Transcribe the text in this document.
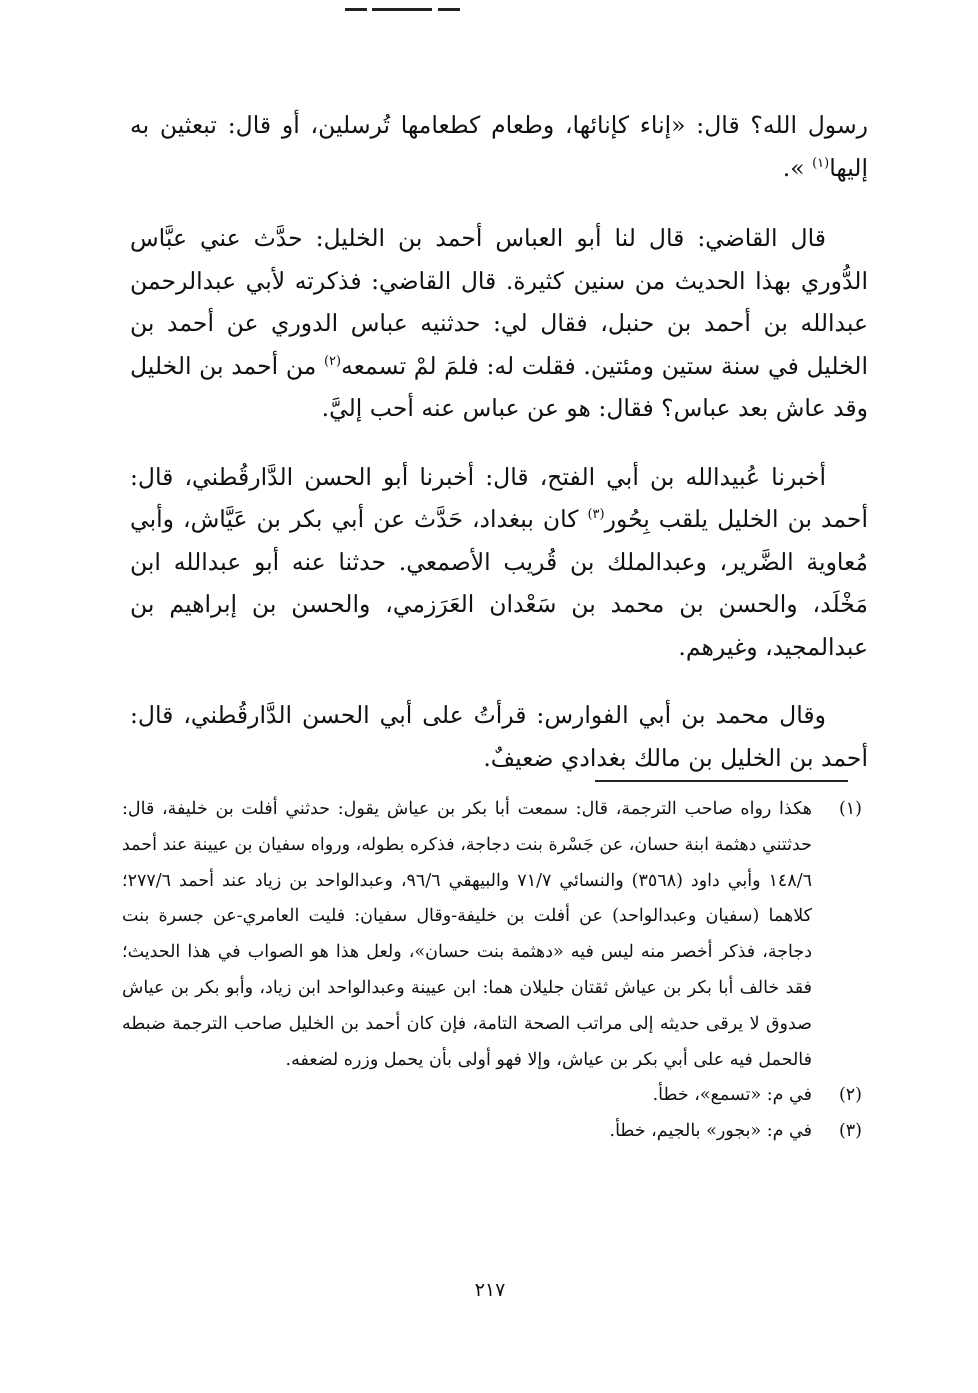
رسول الله؟ قال: «إناء كإنائها، وطعام كطعامها تُرسلين، أو قال: تبعثين به إليها$^{(١)}$ ».

قال القاضي: قال لنا أبو العباس أحمد بن الخليل: حدَّث عني عبَّاس الدُّوري بهذا الحديث من سنين كثيرة. قال القاضي: فذكرته لأبي عبدالرحمن عبدالله بن أحمد بن حنبل، فقال لي: حدثنيه عباس الدوري عن أحمد بن الخليل في سنة ستين ومئتين. فقلت له: فلمَ لمْ تسمعه$^{(٢)}$ من أحمد بن الخليل وقد عاش بعد عباس؟ فقال: هو عن عباس عنه أحب إليَّ.

أخبرنا عُبيدالله بن أبي الفتح، قال: أخبرنا أبو الحسن الدَّارقُطني، قال: أحمد بن الخليل يلقب بِحُور$^{(٣)}$ كان ببغداد، حَدَّث عن أبي بكر بن عَيَّاش، وأبي مُعاوية الضَّرير، وعبدالملك بن قُريب الأصمعي. حدثنا عنه أبو عبدالله ابن مَخْلَد، والحسن بن محمد بن سَعْدان العَرَزمي، والحسن بن إبراهيم بن عبدالمجيد، وغيرهم.

وقال محمد بن أبي الفوارس: قرأتُ على أبي الحسن الدَّارقُطني، قال: أحمد بن الخليل بن مالك بغدادي ضعيفٌ.

(١)
هكذا رواه صاحب الترجمة، قال: سمعت أبا بكر بن عياش يقول: حدثني أفلت بن خليفة، قال: حدثتني دهثمة ابنة حسان، عن جَسْرة بنت دجاجة، فذكره بطوله، ورواه سفيان بن عيينة عند أحمد ١٤٨/٦ وأبي داود (٣٥٦٨) والنسائي ٧١/٧ والبيهقي ٩٦/٦، وعبدالواحد بن زياد عند أحمد ٢٧٧/٦؛ كلاهما (سفيان وعبدالواحد) عن أفلت بن خليفة-وقال سفيان: فليت العامري-عن جسرة بنت دجاجة، فذكر أخصر منه ليس فيه «دهثمة بنت حسان»، ولعل هذا هو الصواب في هذا الحديث؛ فقد خالف أبا بكر بن عياش ثقتان جليلان هما: ابن عيينة وعبدالواحد ابن زياد، وأبو بكر بن عياش صدوق لا يرقى حديثه إلى مراتب الصحة التامة، فإن كان أحمد بن الخليل صاحب الترجمة ضبطه فالحمل فيه على أبي بكر بن عياش، وإلا فهو أولى بأن يحمل وزره لضعفه.

(٢)
في م: «تسمع»، خطأ.

(٣)
في م: «بجور» بالجيم، خطأ.

٢١٧
